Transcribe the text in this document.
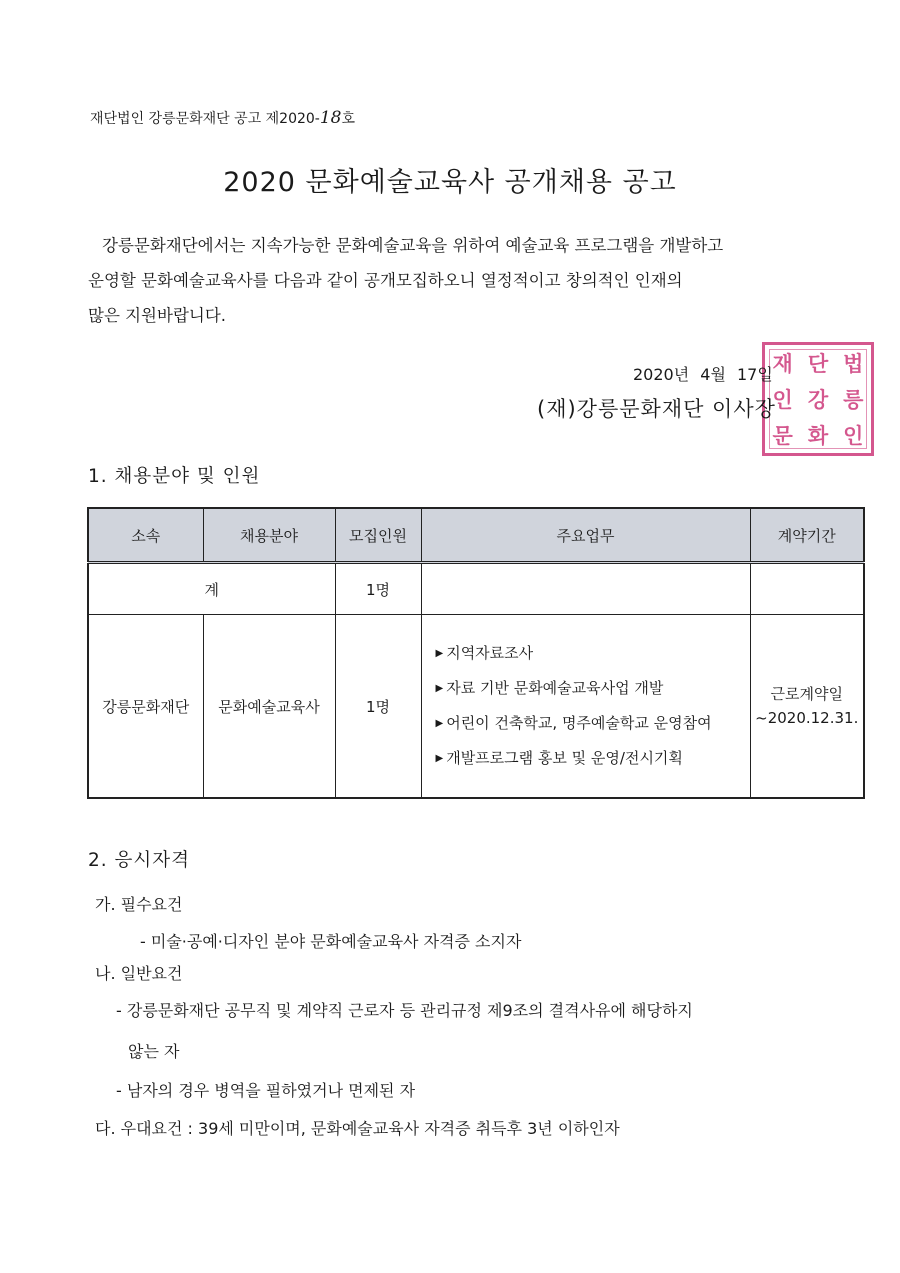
재단법인 강릉문화재단 공고 제2020-18호
2020 문화예술교육사 공개채용 공고
강릉문화재단에서는 지속가능한 문화예술교육을 위하여 예술교육 프로그램을 개발하고
운영할 문화예술교육사를 다음과 같이 공개모집하오니 열정적이고 창의적인 인재의
많은 지원바랍니다.
재 단 법
인 강 릉
문 화 인
2020년 4월 17일
(재)강릉문화재단 이사장
1. 채용분야 및 인원
소속	채용분야	모집인원	주요업무	계약기간
계		1명		
강릉문화재단	문화예술교육사	1명	▶ 지역자료조사
▶ 자료 기반 문화예술교육사업 개발
▶ 어린이 건축학교, 명주예술학교 운영참여
▶ 개발프로그램 홍보 및 운영/전시기획	근로계약일
~2020.12.31.
2. 응시자격
가. 필수요건
- 미술·공예·디자인 분야 문화예술교육사 자격증 소지자
나. 일반요건
- 강릉문화재단 공무직 및 계약직 근로자 등 관리규정 제9조의 결격사유에 해당하지
않는 자
- 남자의 경우 병역을 필하였거나 면제된 자
다. 우대요건 : 39세 미만이며, 문화예술교육사 자격증 취득후 3년 이하인자
